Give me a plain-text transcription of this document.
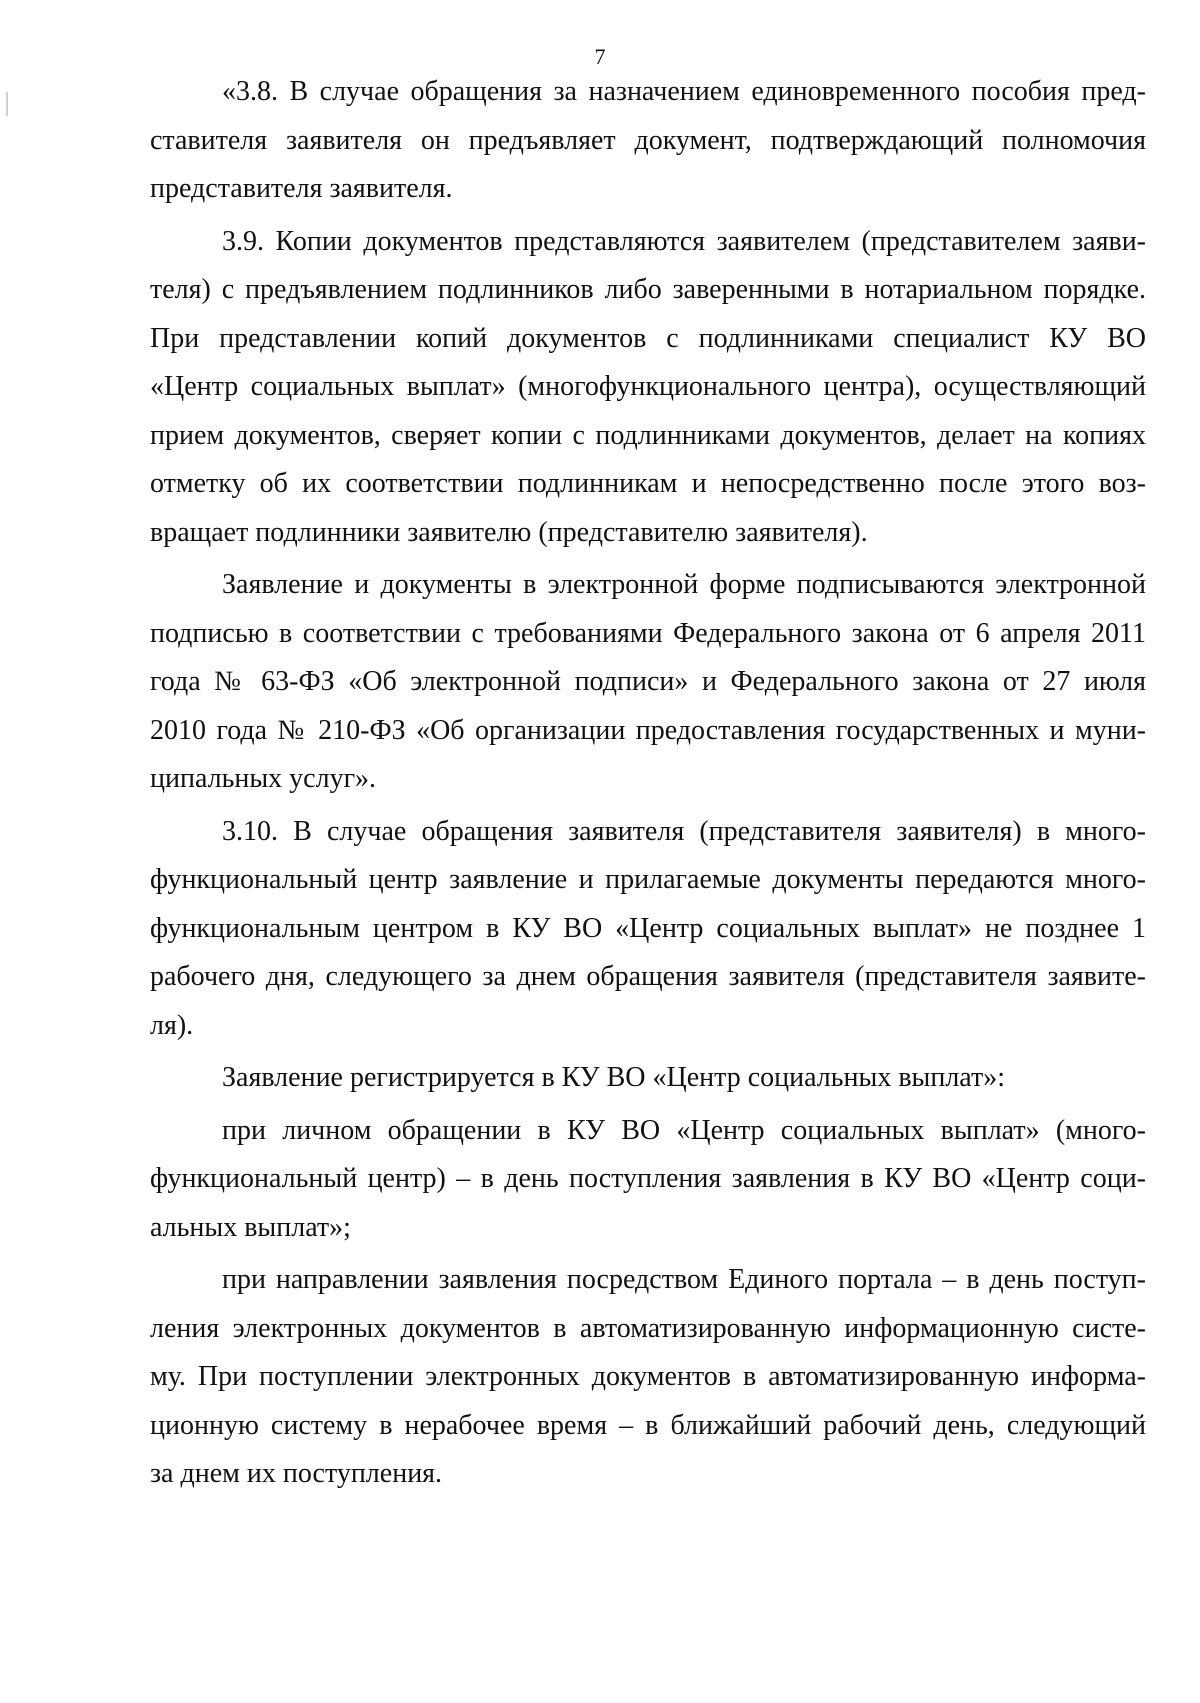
7
«3.8. В случае обращения за назначением единовременного пособия пред-
ставителя заявителя он предъявляет документ, подтверждающий полномочия
представителя заявителя.
3.9. Копии документов представляются заявителем (представителем заяви-
теля) с предъявлением подлинников либо заверенными в нотариальном порядке.
При представлении копий документов с подлинниками специалист КУ ВО
«Центр социальных выплат» (многофункционального центра), осуществляющий
прием документов, сверяет копии с подлинниками документов, делает на копиях
отметку об их соответствии подлинникам и непосредственно после этого воз-
вращает подлинники заявителю (представителю заявителя).
Заявление и документы в электронной форме подписываются электронной
подписью в соответствии с требованиями Федерального закона от 6 апреля 2011
года № 63-ФЗ «Об электронной подписи» и Федерального закона от 27 июля
2010 года № 210-ФЗ «Об организации предоставления государственных и муни-
ципальных услуг».
3.10. В случае обращения заявителя (представителя заявителя) в много-
функциональный центр заявление и прилагаемые документы передаются много-
функциональным центром в КУ ВО «Центр социальных выплат» не позднее 1
рабочего дня, следующего за днем обращения заявителя (представителя заявите-
ля).
Заявление регистрируется в КУ ВО «Центр социальных выплат»:
при личном обращении в КУ ВО «Центр социальных выплат» (много-
функциональный центр) – в день поступления заявления в КУ ВО «Центр соци-
альных выплат»;
при направлении заявления посредством Единого портала – в день поступ-
ления электронных документов в автоматизированную информационную систе-
му. При поступлении электронных документов в автоматизированную информа-
ционную систему в нерабочее время – в ближайший рабочий день, следующий
за днем их поступления.
